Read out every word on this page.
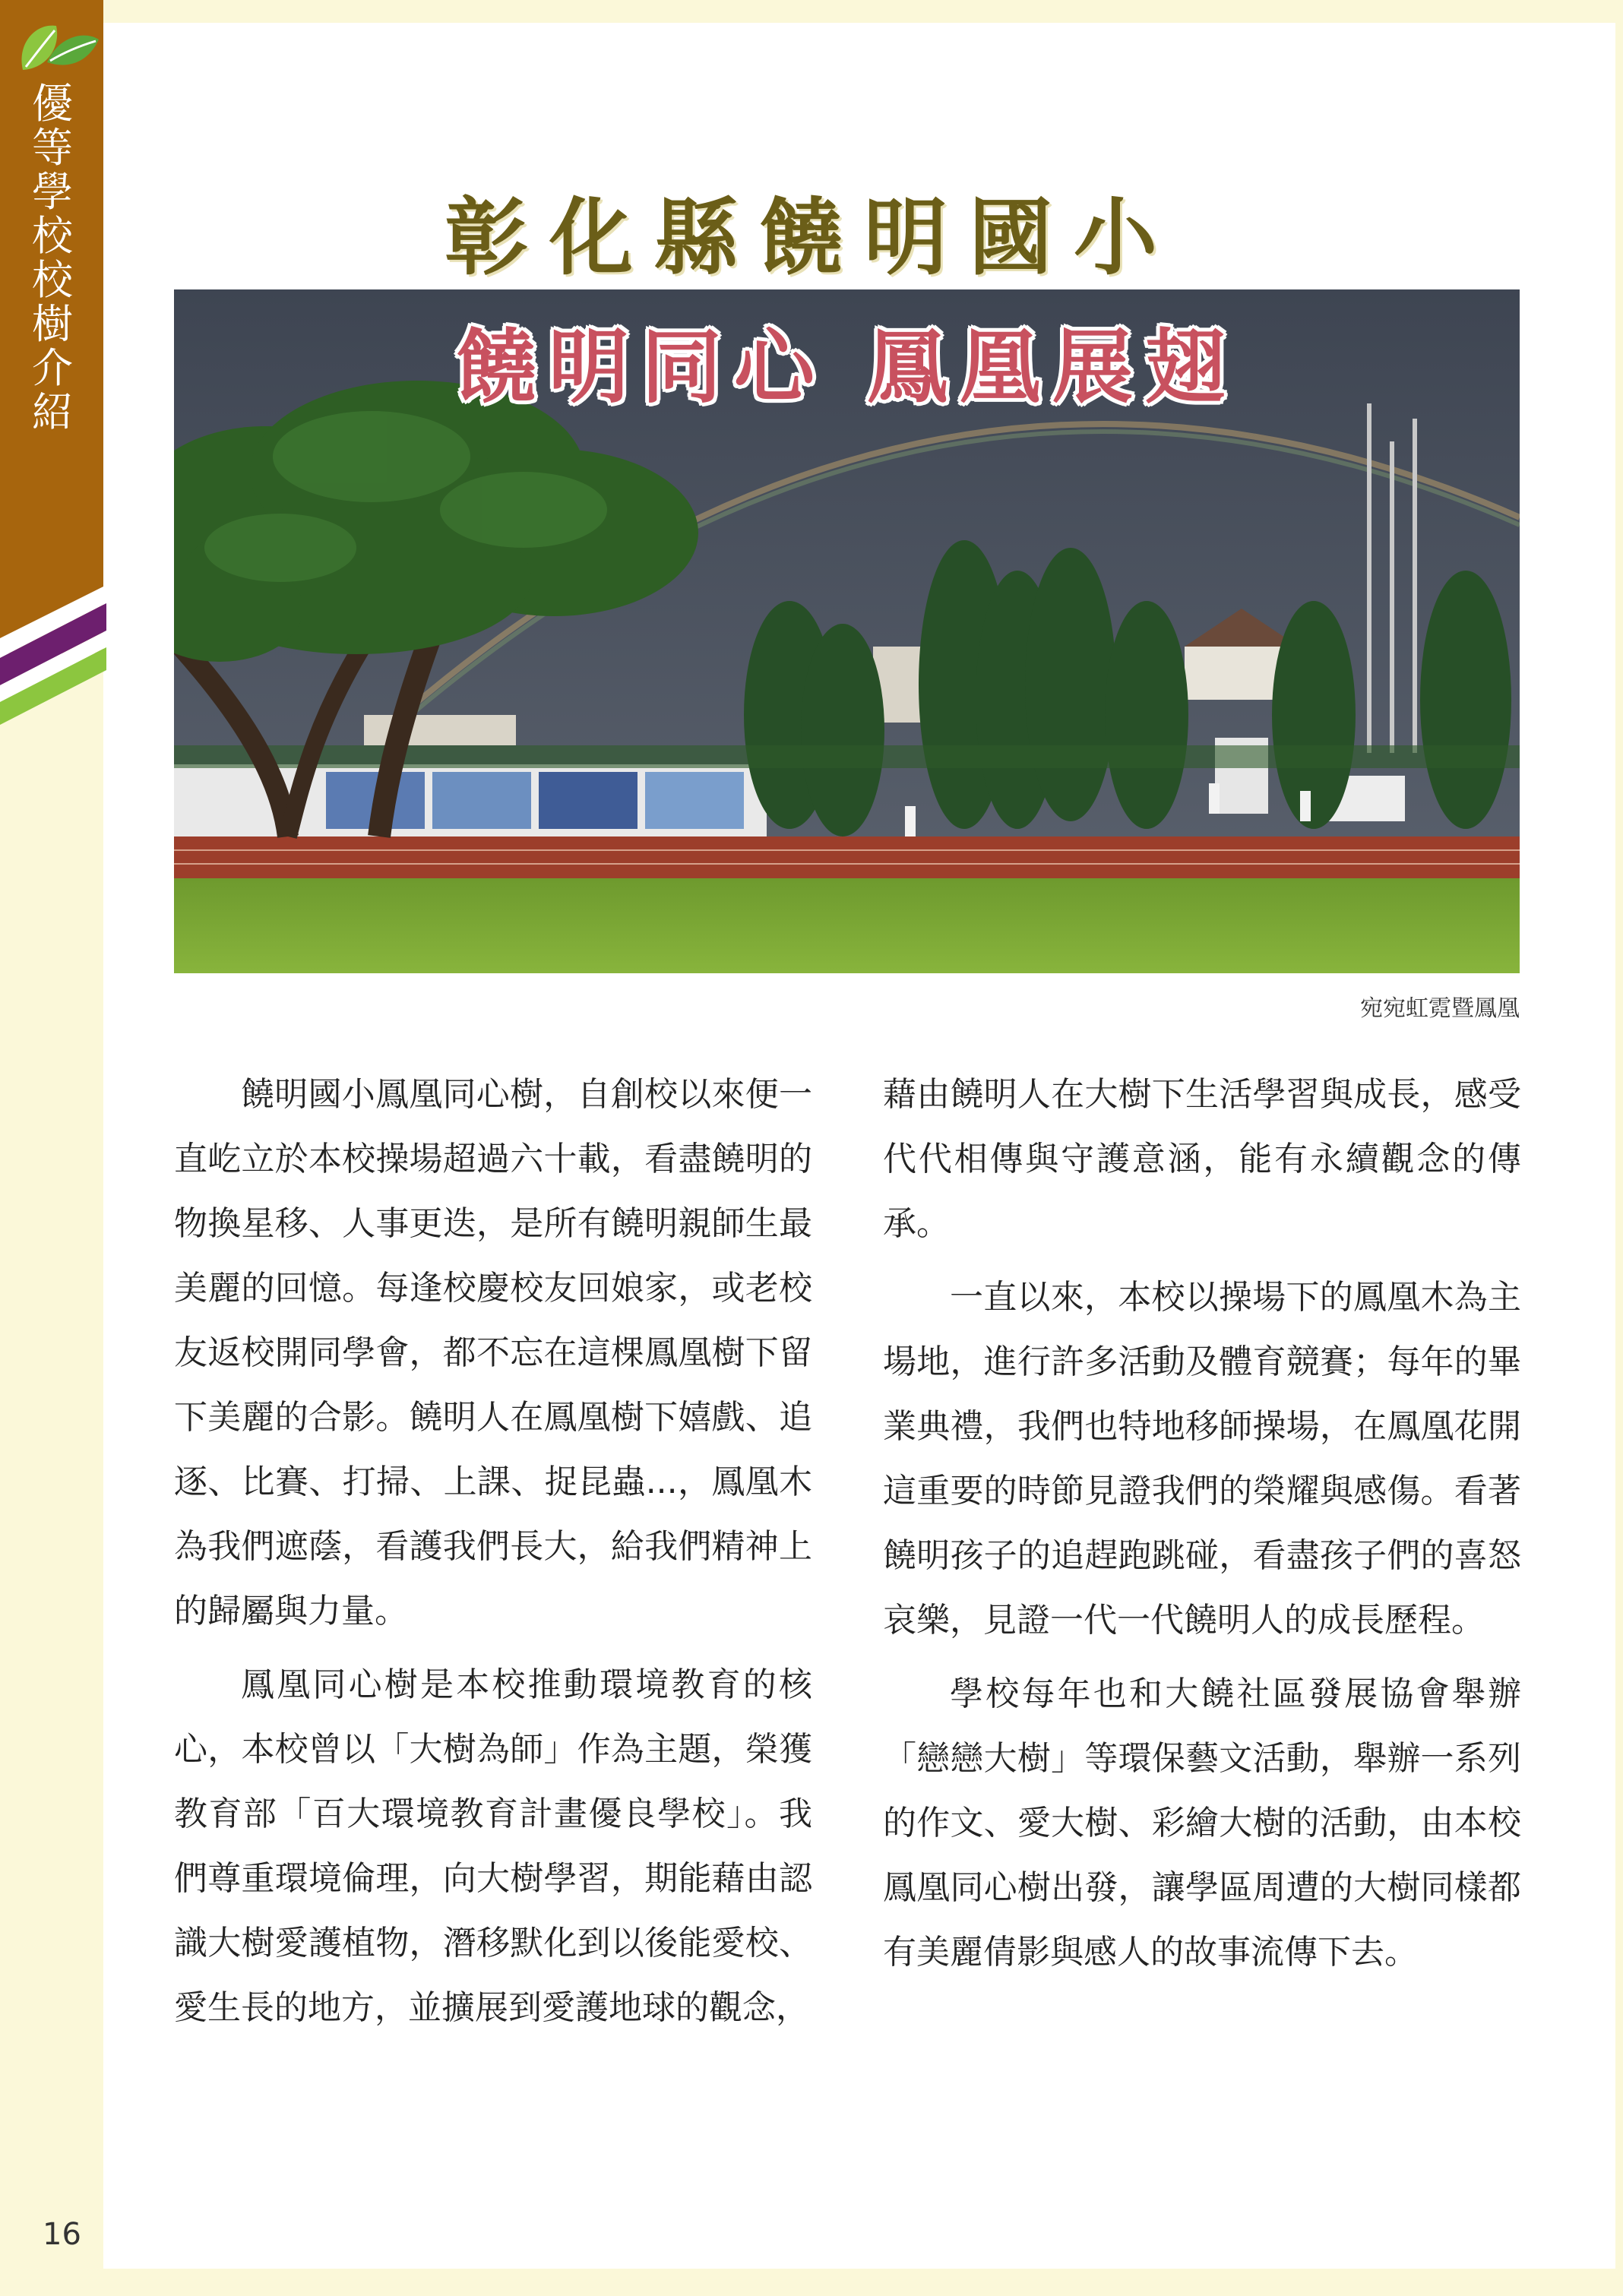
優等學校校樹介紹
彰化縣饒明國小
饒明同心 鳳凰展翅
宛宛虹霓暨鳳凰

饒明國小鳳凰同心樹，自創校以來便一直屹立於本校操場超過六十載，看盡饒明的物換星移、人事更迭，是所有饒明親師生最美麗的回憶。每逢校慶校友回娘家，或老校友返校開同學會，都不忘在這棵鳳凰樹下留下美麗的合影。饒明人在鳳凰樹下嬉戲、追逐、比賽、打掃、上課、捉昆蟲...，鳳凰木為我們遮蔭，看護我們長大，給我們精神上的歸屬與力量。

鳳凰同心樹是本校推動環境教育的核心，本校曾以「大樹為師」作為主題，榮獲教育部「百大環境教育計畫優良學校」。我們尊重環境倫理，向大樹學習，期能藉由認識大樹愛護植物，潛移默化到以後能愛校、愛生長的地方，並擴展到愛護地球的觀念，

藉由饒明人在大樹下生活學習與成長，感受代代相傳與守護意涵，能有永續觀念的傳承。

一直以來，本校以操場下的鳳凰木為主場地，進行許多活動及體育競賽；每年的畢業典禮，我們也特地移師操場，在鳳凰花開這重要的時節見證我們的榮耀與感傷。看著饒明孩子的追趕跑跳碰，看盡孩子們的喜怒哀樂，見證一代一代饒明人的成長歷程。

學校每年也和大饒社區發展協會舉辦「戀戀大樹」等環保藝文活動，舉辦一系列的作文、愛大樹、彩繪大樹的活動，由本校鳳凰同心樹出發，讓學區周遭的大樹同樣都有美麗倩影與感人的故事流傳下去。

16
